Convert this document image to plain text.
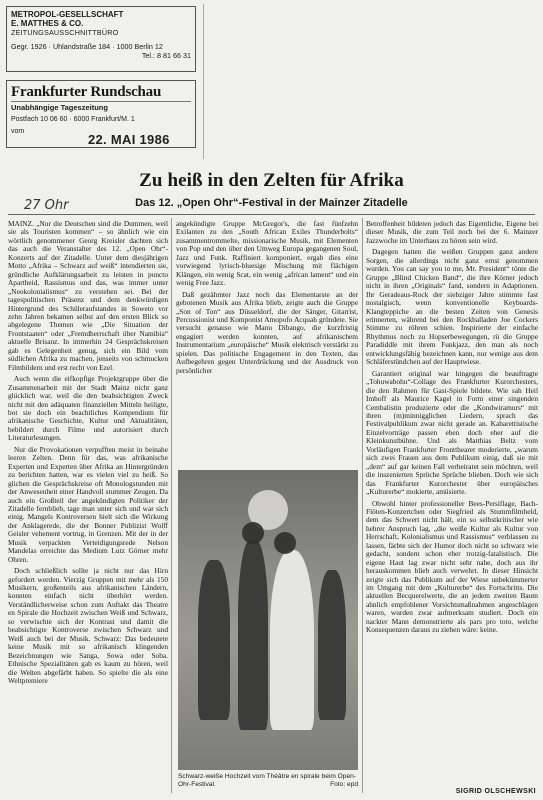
METROPOL-GESELLSCHAFT
E. MATTHES & CO.
ZEITUNGSAUSSCHNITTBÜRO
Gegr. 1926 · Uhlandstraße 184 · 1000 Berlin 12
Tel.: 8 81 66 31
Frankfurter Rundschau
Unabhängige Tageszeitung
Postfach 10 06 60 · 6000 Frankfurt/M. 1
vom
22. MAI 1986
Zu heiß in den Zelten für Afrika
27 Ohr	Das 12. „Open Ohr“-Festival in der Mainzer Zitadelle

MAINZ. „Nur die Deutschen sind die Dummen, weil sie als Touristen kommen“ – so ähnlich wie ein wörtlich genommener Georg Kreisler dachten sich das auch die Veranstalter des 12. „Open Ohr“-Konzerts auf der Zitadelle. Unter dem diesjährigen Motto „Afrika – Schwarz auf weiß“ intendierten sie, gründliche Aufklärungsarbeit zu leisten in puncto Apartheid, Rassismus und das, was immer unter „Neokolonialismus“ zu verstehen sei. Bei der tagespolitischen Präsenz und dem denkwürdigen Hintergrund des Schüleraufstandes in Soweto vor zehn Jahren bekamen selbst auf den ersten Blick so abgelegene Themen wie „Die Situation der Frontstaaten“ oder „Fremdherrschaft über Namibia“ aktuelle Brisanz. In immerhin 24 Gesprächskreisen gab es Gelegenheit genug, sich ein Bild vom südlichen Afrika zu machen, jenseits von schmucken Filmbildern und erst recht von Ezel.

Auch wenn die eifkopfige Projektgruppe über die Zusammenarbeit mit der Stadt Mainz nicht ganz glücklich war, weil die den beabsichtigten Zweck nicht mit den adäquaten finanziellen Mitteln heiligte, bot sie doch ein beachtliches Kompendium für afrikanische Geschichte, Kultur und Aktualitäten, bebildert durch Filme und autorisiert durch Literaturlesungen.

Nur die Provokationen verpufften meist in beinahe leeren Zelten. Denn für das, was afrikanische Experten und Experten über Afrika an Hintergründen zu berichten hatten, war es vielen viel zu heiß. So glichen die Gesprächskreise oft Monologstunden mit der Anwesenheit einer Handvoll stummer Zeugen. Da auch ein Großteil der angekündigten Politiker der Zitadelle fernblieb, tage man unter sich und war sich einig. Mangels Kontroversen hielt sich die Wirkung der Anklagerede, die der Bonner Publizist Wolff Geisler vehement vortrug, in Grenzen. Mit der in der Musik verpackten Verteidigungsrede Nelson Mandelas erreichte das Medium Lutz Görner mehr Ohren.

Doch schließlich sollte ja nicht nur das Hirn gefordert werden. Vierzig Gruppen mit mehr als 150 Musikern, großenteils aus afrikanischen Ländern, konnten einfach nicht überhört werden. Verständlicherweise schon zum Auftakt das Theatre en Spirale die Hochzeit zwischen Weiß und Schwarz, so verwischte sich der Kontrast und damit die beabsichtigte Kontroverse zwischen Schwarz und Weiß auch bei der Musik. Schwarz: Das bedeutete keine Musik mit so afrikanisch klingenden Bezeichnungen wie Sanga, Sowa oder Soba. Ethnische Spezialitäten gab es kaum zu hören, weil die Welten abgefärbt haben. So spielte die als eine Weltpremiere

angekündigte Gruppe McGregor's, die fast fünfzehn Exilanten zu den „South African Exiles Thunderbolts“ zusammentrommelte, missionarische Musik, mit Elementen von Pop und den über den Umweg Europa gegangenen Soul, Jazz und Funk. Raffiniert komponiert, ergab dies eine vorwiegend lyrisch-bluesige Mischung mit flächigen Klängen, ein wenig Scat, ein wenig „african lament“ und ein wenig Free Jazz.

Daß gezähmter Jazz noch das Elementarste an der gebotenen Musik aus Afrika blieb, zeigte auch die Gruppe „Son of Ton“ aus Düsseldorf, die der Sänger, Gitarrist, Percussionist und Komponist Amopofo Acquah gründete. Sie versucht genauso wie Manu Dibango, die kurzfristig engagiert werden konnten, auf afrikanischem Instrumentarium „europäische“ Musik elektrisch verstärkt zu spielen. Das politische Engagement in den Texten, das Aufbegehren gegen Unterdrückung und der Ausdruck von persönlicher

Schwarz-weiße Hochzeit vom Théâtre en spirale beim Open-Ohr-Festival.	Foto: epd

Betroffenheit bildeten jedoch das Eigentliche, Eigene bei dieser Musik, die zum Teil noch bei der 6. Mainzer Jazzwoche im Unterhaus zu hören sein wird.

Dagegen hatten die weißen Gruppen ganz andere Sorgen, die allerdings nicht ganz ernst genommen wurden. You can say you to me, Mr. President“ tönte die Gruppe „Blind Chicken Band“, die ihre Körner jedoch nicht in ihren „Originals“ fand, sondern in Adaptionen. Ihr Geradeaus-Rock der siebziger Jahre stimmte fast nostalgisch, wenn konventionelle Keyboards-Klangteppiche an die besten Zeiten von Genesis erinnerten, während bei den Rockballaden Joe Cockers Stimme zu röhren schien. Inspirierte der einfache Rhythmus noch zu Hopserbewegungen, rü die Gruppe Paradiddle mit ihrem Funkjazz, den man als noch entwicklungsfähig bezeichnen kann, nur wenige aus dem Schläferstündchen auf der Hauptwiese.

Garantiert original war hingegen die beauftragte „Tohuwabohu“-Collage des Frankfurter Kurorchesters, die den Rahmen für Gast-Spiele bildete. Wie sah Heil Imhoff als Maurice Kagel in Form einer singenden Cembalistin produzierte oder die „Kondwiramurs“ mit ihren (m)minnigglichen Liedern, sprach das Festivalpublikum zwar nicht gerade an. Kabarettistische Einzelvorträge passen eben doch eher auf die Kleinkunstbühne. Und als Matthias Beltz vom Vorläufigen Frankfurter Frontthearer moderierte, „warum sich zwei Frauen aus dem Publikum einig, daß sie mit „dem“ auf gar keinen Fall verheiratet sein möchten, weil die inszenierten Sprüche Sprüche blieben. Doch wie sich das Frankfurter Kurorchester über europäisches „Kulturerbe“ mokierte, amüsierte.

Obwohl hinter professioneller Bees-Persiflage, Bach-Flöten-Konzertchen oder Siegfried als Stummfilmheld, dem das Schwert nicht hält, ein so selbstkritischer wie hehrer Anspruch lag, „die weiße Kultur als Kultur von Herrschaft, Kolonialismus und Rassismus“ verblassen zu lassen, färbte sich der Humor doch nicht so schwarz wie gedacht, sondern schon eher trotzig-fatalistisch. Die eigene Haut lag zwar nicht sehr nahe, doch aus ihr herauskommen blieb auch verwehrt. In dieser Hinsicht zeigte sich das Publikum auf der Wiese unbekümmerter im Umgang mit dem „Kulturerbe“ des Fortschritts. Die aktuellen Becquerelwerte, die an jedem zweiten Baum ahnlich empfohlener Vorsichtsmaßnahmen angeschlagen waren, wurden zwar aufmerksam studiert. Doch ein nackter Mann demonstrierte als pars pro toto, welche Konsequenzen daraus zu ziehen wäre: keine.

SIGRID OLSCHEWSKI
